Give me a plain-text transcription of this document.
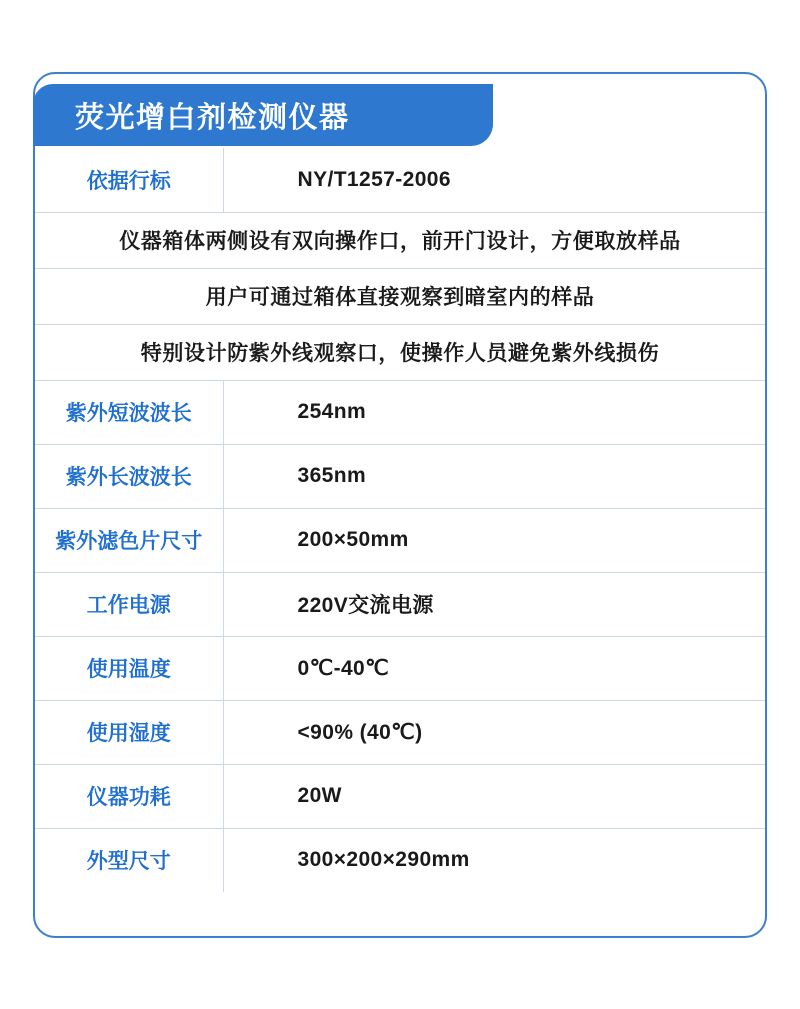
荧光增白剂检测仪器
依据行标	NY/T1257-2006
仪器箱体两侧设有双向操作口，前开门设计，方便取放样品	
用户可通过箱体直接观察到暗室内的样品	
特别设计防紫外线观察口，使操作人员避免紫外线损伤	
紫外短波波长	254nm
紫外长波波长	365nm
紫外滤色片尺寸	200×50mm
工作电源	220V交流电源
使用温度	0℃-40℃
使用湿度	<90% (40℃)
仪器功耗	20W
外型尺寸	300×200×290mm
